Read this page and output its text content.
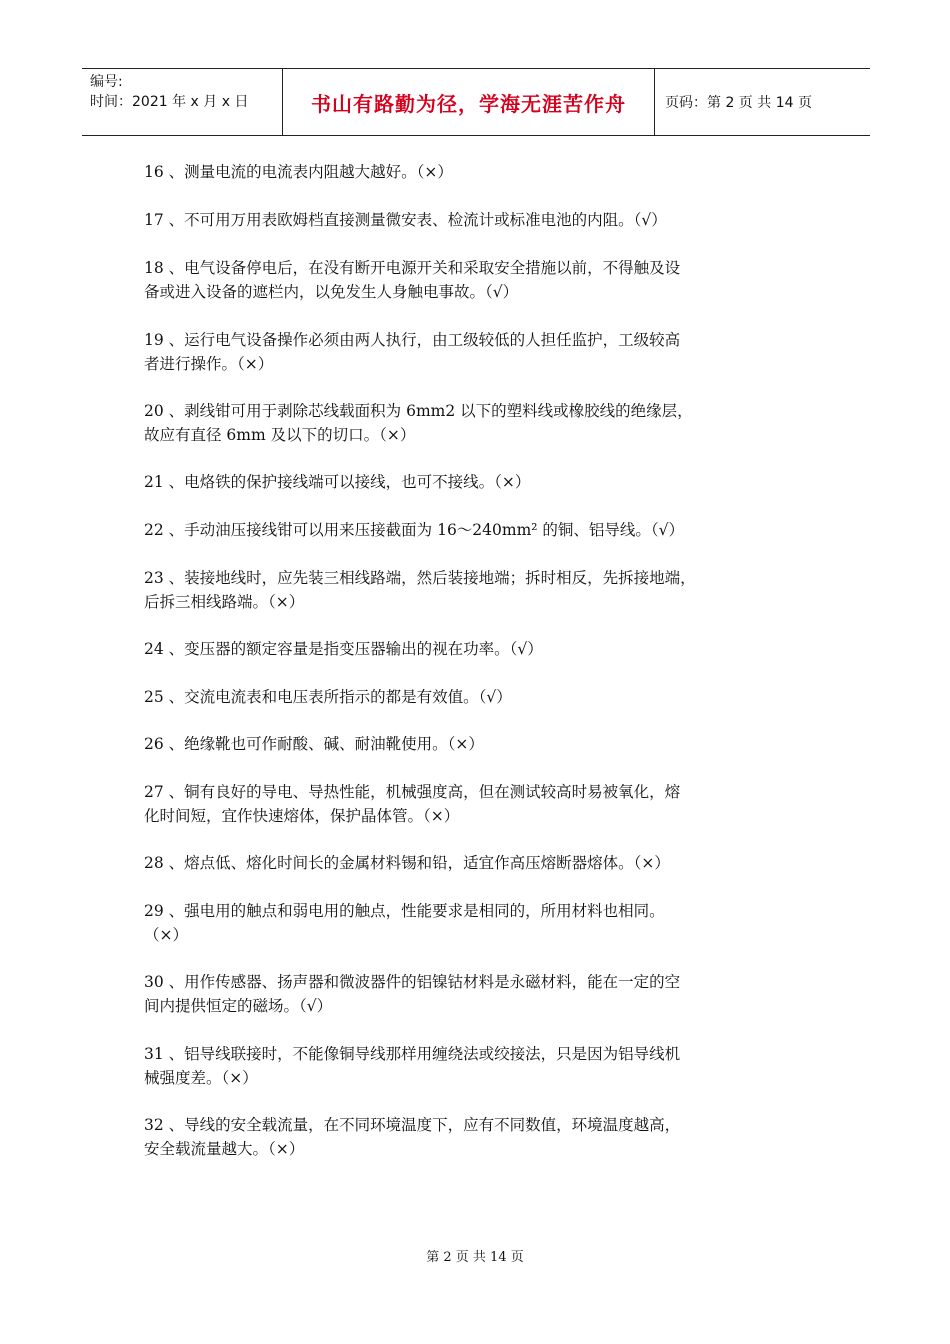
编号:
时间：2021 年 x 月 x 日	书山有路勤为径，学海无涯苦作舟	页码：第 2 页 共 14 页
16 、测量电流的电流表内阻越大越好。（×）
17 、不可用万用表欧姆档直接测量微安表、检流计或标准电池的内阻。（√）
18 、电气设备停电后，在没有断开电源开关和采取安全措施以前，不得触及设
备或进入设备的遮栏内，以免发生人身触电事故。（√）
19 、运行电气设备操作必须由两人执行，由工级较低的人担任监护，工级较高
者进行操作。（×）
20 、剥线钳可用于剥除芯线载面积为 6mm2 以下的塑料线或橡胶线的绝缘层，
故应有直径 6mm 及以下的切口。（×）
21 、电烙铁的保护接线端可以接线，也可不接线。（×）
22 、手动油压接线钳可以用来压接截面为 16～240mm² 的铜、铝导线。（√）
23 、装接地线时，应先装三相线路端，然后装接地端；拆时相反，先拆接地端，
后拆三相线路端。（×）
24 、变压器的额定容量是指变压器输出的视在功率。（√）
25 、交流电流表和电压表所指示的都是有效值。（√）
26 、绝缘靴也可作耐酸、碱、耐油靴使用。（×）
27 、铜有良好的导电、导热性能，机械强度高，但在测试较高时易被氧化，熔
化时间短，宜作快速熔体，保护晶体管。（×）
28 、熔点低、熔化时间长的金属材料锡和铅，适宜作高压熔断器熔体。（×）
29 、强电用的触点和弱电用的触点，性能要求是相同的，所用材料也相同。
（×）
30 、用作传感器、扬声器和微波器件的铝镍钴材料是永磁材料，能在一定的空
间内提供恒定的磁场。（√）
31 、铝导线联接时，不能像铜导线那样用缠绕法或绞接法，只是因为铝导线机
械强度差。（×）
32 、导线的安全载流量，在不同环境温度下，应有不同数值，环境温度越高，
安全载流量越大。（×）
第 2 页 共 14 页
